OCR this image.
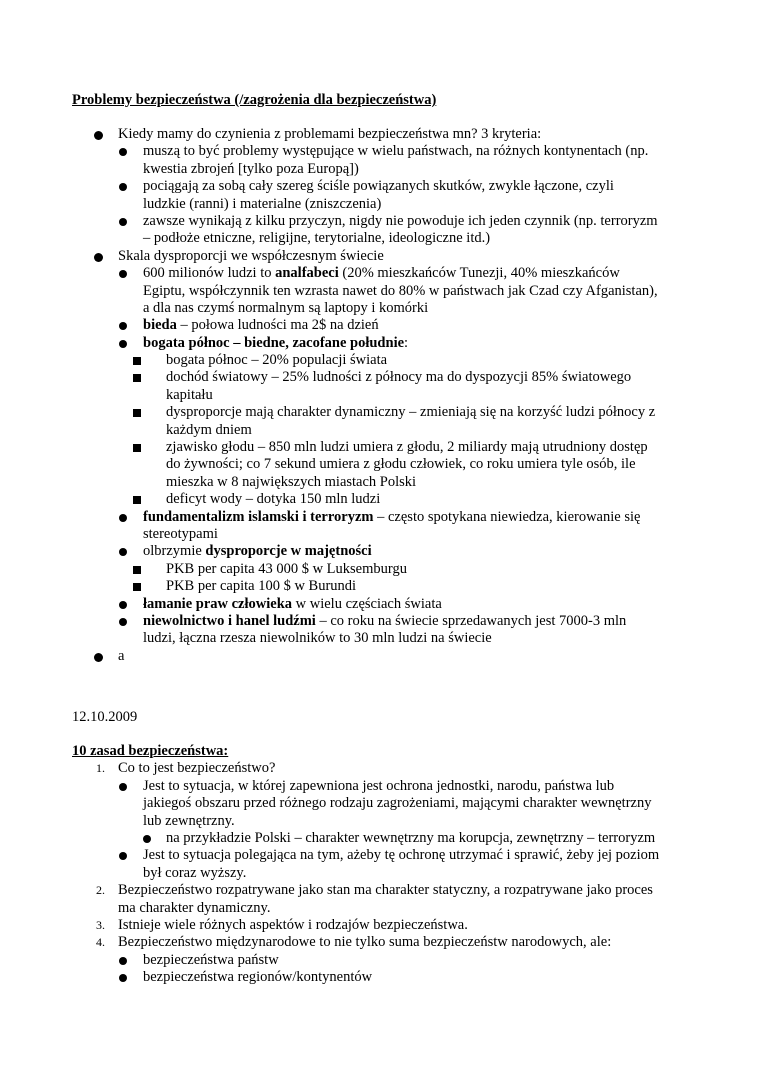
Problemy bezpieczeństwa (/zagrożenia dla bezpieczeństwa)
Kiedy mamy do czynienia z problemami bezpieczeństwa mn? 3 kryteria:
muszą to być problemy występujące w wielu państwach, na różnych kontynentach (np.
kwestia zbrojeń [tylko poza Europą])
pociągają za sobą cały szereg ściśle powiązanych skutków, zwykle łączone, czyli
ludzkie (ranni) i materialne (zniszczenia)
zawsze wynikają z kilku przyczyn, nigdy nie powoduje ich jeden czynnik (np. terroryzm
– podłoże etniczne, religijne, terytorialne, ideologiczne itd.)
Skala dysproporcji we współczesnym świecie
600 milionów ludzi to analfabeci (20% mieszkańców Tunezji, 40% mieszkańców
Egiptu, współczynnik ten wzrasta nawet do 80% w państwach jak Czad czy Afganistan),
a dla nas czymś normalnym są laptopy i komórki
bieda – połowa ludności ma 2$ na dzień
bogata północ – biedne, zacofane południe:
bogata północ – 20% populacji świata
dochód światowy – 25% ludności z północy ma do dyspozycji 85% światowego
kapitału
dysproporcje mają charakter dynamiczny – zmieniają się na korzyść ludzi północy z
każdym dniem
zjawisko głodu – 850 mln ludzi umiera z głodu, 2 miliardy mają utrudniony dostęp
do żywności; co 7 sekund umiera z głodu człowiek, co roku umiera tyle osób, ile
mieszka w 8 największych miastach Polski
deficyt wody – dotyka 150 mln ludzi
fundamentalizm islamski i terroryzm – często spotykana niewiedza, kierowanie się
stereotypami
olbrzymie dysproporcje w majętności
PKB per capita 43 000 $ w Luksemburgu
PKB per capita 100 $ w Burundi
łamanie praw człowieka w wielu częściach świata
niewolnictwo i hanel ludźmi – co roku na świecie sprzedawanych jest 7000-3 mln
ludzi, łączna rzesza niewolników to 30 mln ludzi na świecie
a
12.10.2009
10 zasad bezpieczeństwa:
1. Co to jest bezpieczeństwo?
Jest to sytuacja, w której zapewniona jest ochrona jednostki, narodu, państwa lub
jakiegoś obszaru przed różnego rodzaju zagrożeniami, mającymi charakter wewnętrzny
lub zewnętrzny.
na przykładzie Polski – charakter wewnętrzny ma korupcja, zewnętrzny – terroryzm
Jest to sytuacja polegająca na tym, ażeby tę ochronę utrzymać i sprawić, żeby jej poziom
był coraz wyższy.
2. Bezpieczeństwo rozpatrywane jako stan ma charakter statyczny, a rozpatrywane jako proces
ma charakter dynamiczny.
3. Istnieje wiele różnych aspektów i rodzajów bezpieczeństwa.
4. Bezpieczeństwo międzynarodowe to nie tylko suma bezpieczeństw narodowych, ale:
bezpieczeństwa państw
bezpieczeństwa regionów/kontynentów
